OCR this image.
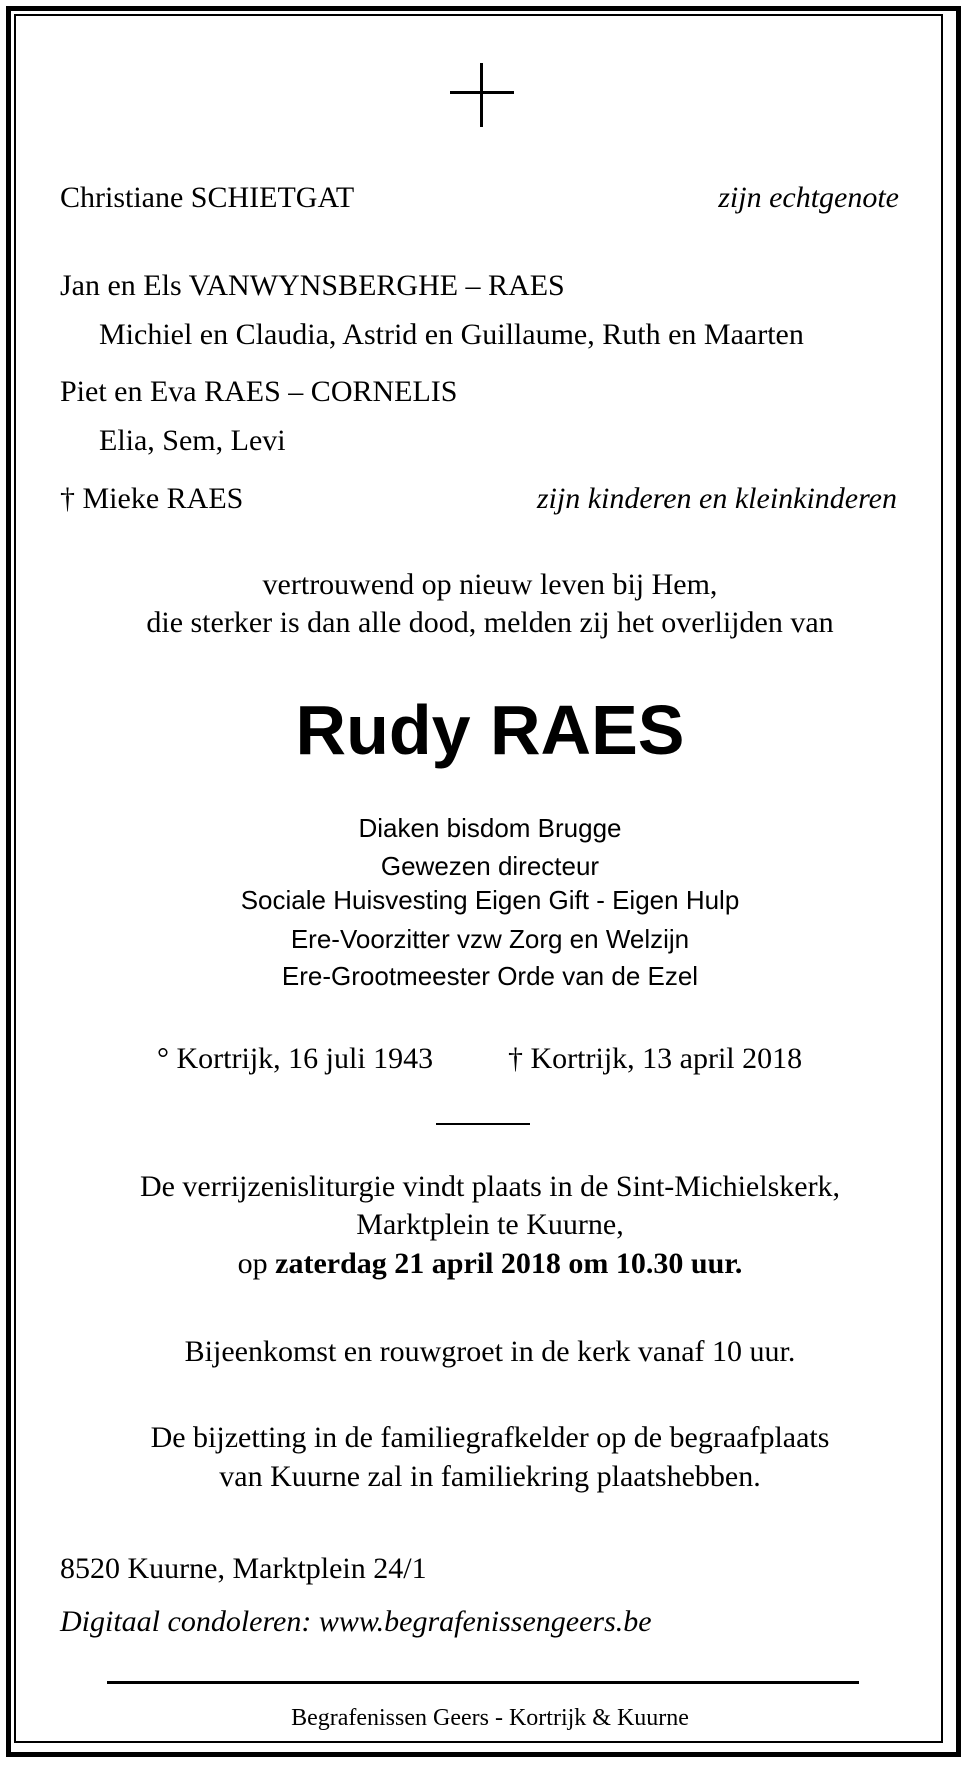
Christiane SCHIETGAT	zijn echtgenote
Jan en Els VANWYNSBERGHE – RAES
Michiel en Claudia, Astrid en Guillaume, Ruth en Maarten
Piet en Eva RAES – CORNELIS
Elia, Sem, Levi
† Mieke RAES	zijn kinderen en kleinkinderen
vertrouwend op nieuw leven bij Hem,
die sterker is dan alle dood, melden zij het overlijden van
Rudy RAES
Diaken bisdom Brugge
Gewezen directeur
Sociale Huisvesting Eigen Gift - Eigen Hulp
Ere-Voorzitter vzw Zorg en Welzijn
Ere-Grootmeester Orde van de Ezel
° Kortrijk, 16 juli 1943 † Kortrijk, 13 april 2018
De verrijzenisliturgie vindt plaats in de Sint-Michielskerk,
Marktplein te Kuurne,
op zaterdag 21 april 2018 om 10.30 uur.
Bijeenkomst en rouwgroet in de kerk vanaf 10 uur.
De bijzetting in de familiegrafkelder op de begraafplaats
van Kuurne zal in familiekring plaatshebben.
8520 Kuurne, Marktplein 24/1
Digitaal condoleren: www.begrafenissengeers.be
Begrafenissen Geers - Kortrijk & Kuurne
